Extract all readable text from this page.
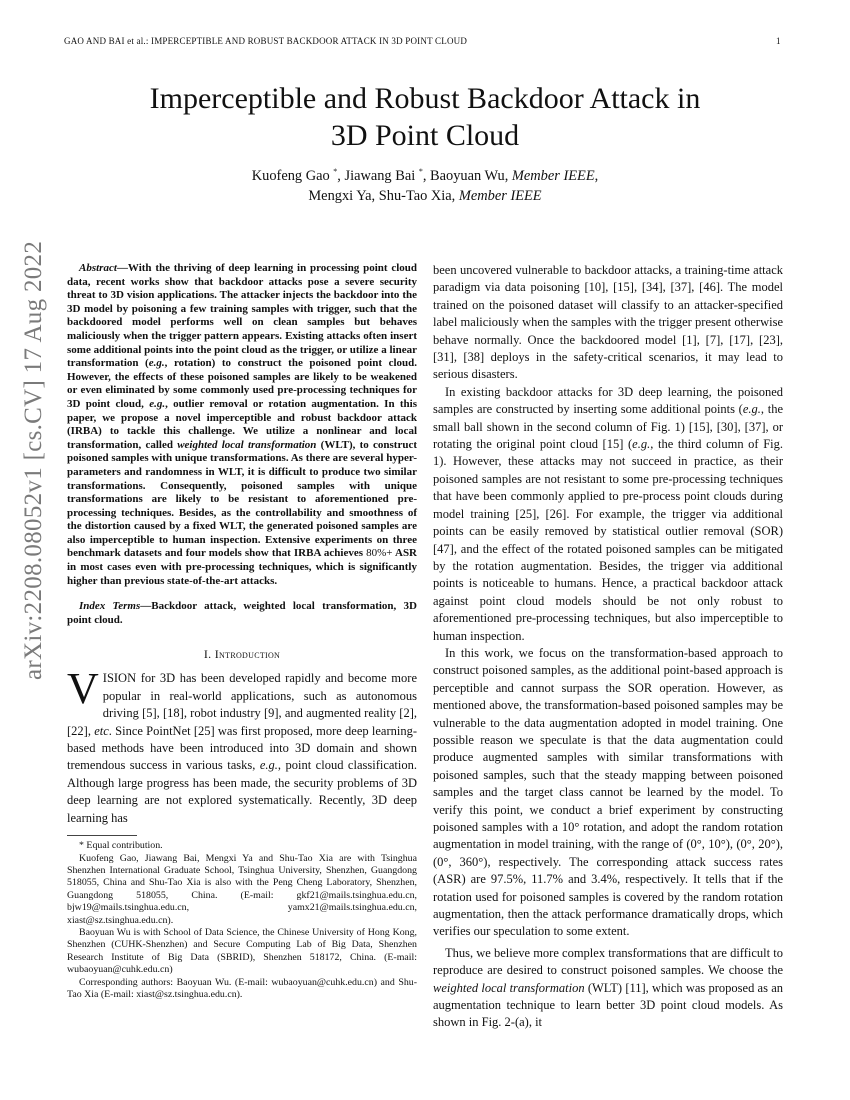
GAO AND BAI et al.: IMPERCEPTIBLE AND ROBUST BACKDOOR ATTACK IN 3D POINT CLOUD	1
arXiv:2208.08052v1 [cs.CV] 17 Aug 2022
Imperceptible and Robust Backdoor Attack in
3D Point Cloud
Kuofeng Gao *, Jiawang Bai *, Baoyuan Wu, Member IEEE,
Mengxi Ya, Shu-Tao Xia, Member IEEE

Abstract—With the thriving of deep learning in processing point cloud data, recent works show that backdoor attacks pose a severe security threat to 3D vision applications. The attacker injects the backdoor into the 3D model by poisoning a few training samples with trigger, such that the backdoored model performs well on clean samples but behaves maliciously when the trigger pattern appears. Existing attacks often insert some additional points into the point cloud as the trigger, or utilize a linear transformation (e.g., rotation) to construct the poisoned point cloud. However, the effects of these poisoned samples are likely to be weakened or even eliminated by some commonly used pre-processing techniques for 3D point cloud, e.g., outlier removal or rotation augmentation. In this paper, we propose a novel imperceptible and robust backdoor attack (IRBA) to tackle this challenge. We utilize a nonlinear and local transformation, called weighted local transformation (WLT), to construct poisoned samples with unique transformations. As there are several hyper-parameters and randomness in WLT, it is difficult to produce two similar transformations. Consequently, poisoned samples with unique transformations are likely to be resistant to aforementioned pre-processing techniques. Besides, as the controllability and smoothness of the distortion caused by a fixed WLT, the generated poisoned samples are also imperceptible to human inspection. Extensive experiments on three benchmark datasets and four models show that IRBA achieves 80%+ ASR in most cases even with pre-processing techniques, which is significantly higher than previous state-of-the-art attacks.

Index Terms—Backdoor attack, weighted local transformation, 3D point cloud.

I. Introduction

VISION for 3D has been developed rapidly and become more popular in real-world applications, such as autonomous driving [5], [18], robot industry [9], and augmented reality [2], [22], etc. Since PointNet [25] was first proposed, more deep learning-based methods have been introduced into 3D domain and shown tremendous success in various tasks, e.g., point cloud classification. Although large progress has been made, the security problems of 3D deep learning are not explored systematically. Recently, 3D deep learning has

* Equal contribution.

Kuofeng Gao, Jiawang Bai, Mengxi Ya and Shu-Tao Xia are with Tsinghua Shenzhen International Graduate School, Tsinghua University, Shenzhen, Guangdong 518055, China and Shu-Tao Xia is also with the Peng Cheng Laboratory, Shenzhen, Guangdong 518055, China. (E-mail: gkf21@mails.tsinghua.edu.cn, bjw19@mails.tsinghua.edu.cn, yamx21@mails.tsinghua.edu.cn, xiast@sz.tsinghua.edu.cn).

Baoyuan Wu is with School of Data Science, the Chinese University of Hong Kong, Shenzhen (CUHK-Shenzhen) and Secure Computing Lab of Big Data, Shenzhen Research Institute of Big Data (SBRID), Shenzhen 518172, China. (E-mail: wubaoyuan@cuhk.edu.cn)

Corresponding authors: Baoyuan Wu. (E-mail: wubaoyuan@cuhk.edu.cn) and Shu-Tao Xia (E-mail: xiast@sz.tsinghua.edu.cn).

been uncovered vulnerable to backdoor attacks, a training-time attack paradigm via data poisoning [10], [15], [34], [37], [46]. The model trained on the poisoned dataset will classify to an attacker-specified label maliciously when the samples with the trigger present otherwise behave normally. Once the backdoored model [1], [7], [17], [23], [31], [38] deploys in the safety-critical scenarios, it may lead to serious disasters.

In existing backdoor attacks for 3D deep learning, the poisoned samples are constructed by inserting some additional points (e.g., the small ball shown in the second column of Fig. 1) [15], [30], [37], or rotating the original point cloud [15] (e.g., the third column of Fig. 1). However, these attacks may not succeed in practice, as their poisoned samples are not resistant to some pre-processing techniques that have been commonly applied to pre-process point clouds during model training [25], [26]. For example, the trigger via additional points can be easily removed by statistical outlier removal (SOR) [47], and the effect of the rotated poisoned samples can be mitigated by the rotation augmentation. Besides, the trigger via additional points is noticeable to humans. Hence, a practical backdoor attack against point cloud models should be not only robust to aforementioned pre-processing techniques, but also imperceptible to human inspection.

In this work, we focus on the transformation-based approach to construct poisoned samples, as the additional point-based approach is perceptible and cannot surpass the SOR operation. However, as mentioned above, the transformation-based poisoned samples may be vulnerable to the data augmentation adopted in model training. One possible reason we speculate is that the data augmentation could produce augmented samples with similar transformations with poisoned samples, such that the steady mapping between poisoned samples and the target class cannot be learned by the model. To verify this point, we conduct a brief experiment by constructing poisoned samples with a 10° rotation, and adopt the random rotation augmentation in model training, with the range of (0°, 10°), (0°, 20°), (0°, 360°), respectively. The corresponding attack success rates (ASR) are 97.5%, 11.7% and 3.4%, respectively. It tells that if the rotation used for poisoned samples is covered by the random rotation augmentation, then the attack performance dramatically drops, which verifies our speculation to some extent.

Thus, we believe more complex transformations that are difficult to reproduce are desired to construct poisoned samples. We choose the weighted local transformation (WLT) [11], which was proposed as an augmentation technique to learn better 3D point cloud models. As shown in Fig. 2-(a), it
